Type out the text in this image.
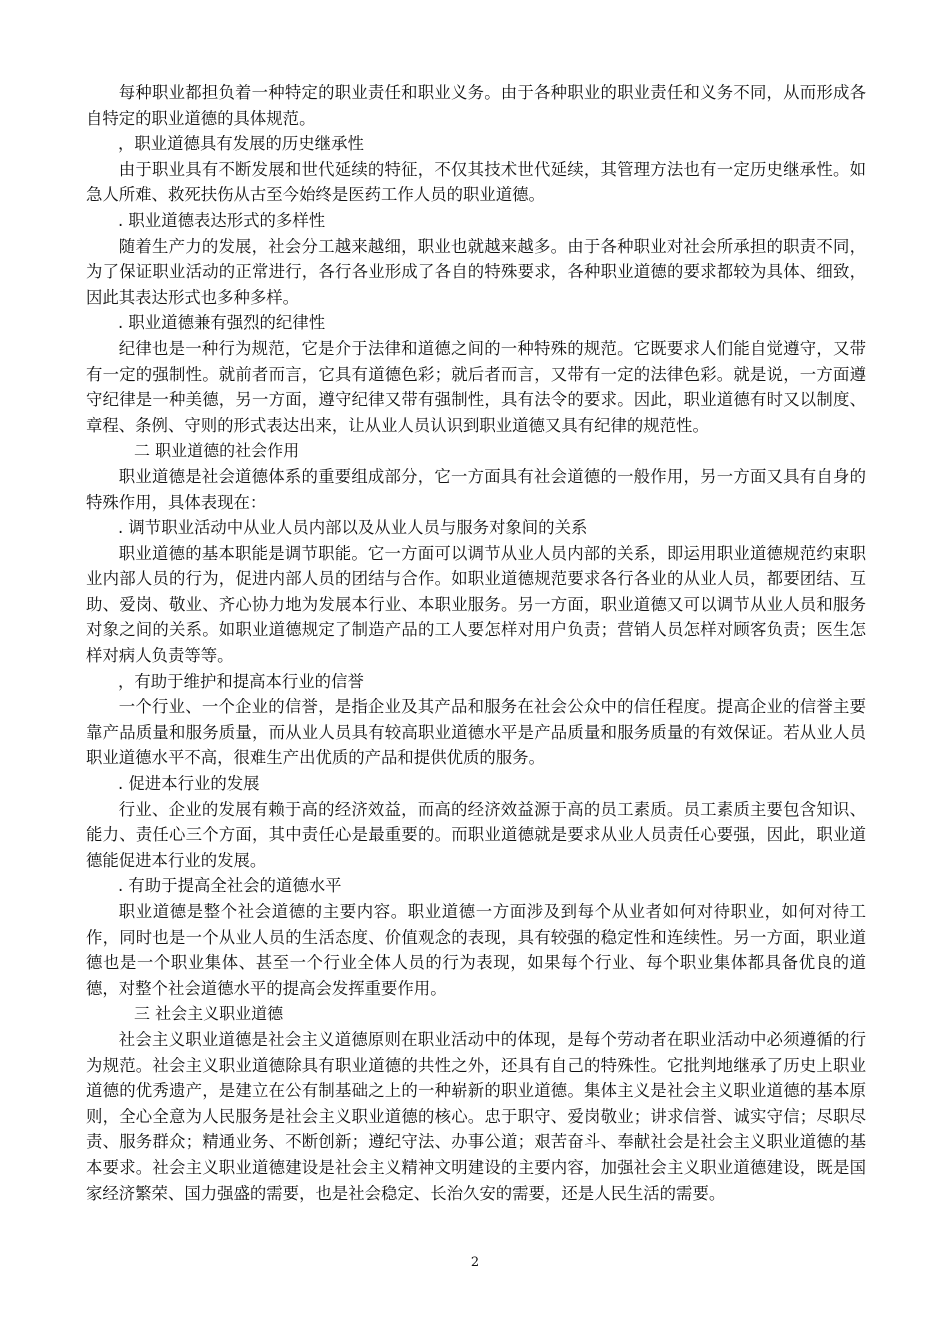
每种职业都担负着一种特定的职业责任和职业义务。由于各种职业的职业责任和义务不同，从而形成各自特定的职业道德的具体规范。

，职业道德具有发展的历史继承性

由于职业具有不断发展和世代延续的特征，不仅其技术世代延续，其管理方法也有一定历史继承性。如急人所难、救死扶伤从古至今始终是医药工作人员的职业道德。

. 职业道德表达形式的多样性

随着生产力的发展，社会分工越来越细，职业也就越来越多。由于各种职业对社会所承担的职责不同，为了保证职业活动的正常进行，各行各业形成了各自的特殊要求，各种职业道德的要求都较为具体、细致，因此其表达形式也多种多样。

. 职业道德兼有强烈的纪律性

纪律也是一种行为规范，它是介于法律和道德之间的一种特殊的规范。它既要求人们能自觉遵守，又带有一定的强制性。就前者而言，它具有道德色彩；就后者而言，又带有一定的法律色彩。就是说，一方面遵守纪律是一种美德，另一方面，遵守纪律又带有强制性，具有法令的要求。因此，职业道德有时又以制度、章程、条例、守则的形式表达出来，让从业人员认识到职业道德又具有纪律的规范性。

二 职业道德的社会作用

职业道德是社会道德体系的重要组成部分，它一方面具有社会道德的一般作用，另一方面又具有自身的特殊作用，具体表现在：

. 调节职业活动中从业人员内部以及从业人员与服务对象间的关系

职业道德的基本职能是调节职能。它一方面可以调节从业人员内部的关系，即运用职业道德规范约束职业内部人员的行为，促进内部人员的团结与合作。如职业道德规范要求各行各业的从业人员，都要团结、互助、爱岗、敬业、齐心协力地为发展本行业、本职业服务。另一方面，职业道德又可以调节从业人员和服务对象之间的关系。如职业道德规定了制造产品的工人要怎样对用户负责；营销人员怎样对顾客负责；医生怎样对病人负责等等。

，有助于维护和提高本行业的信誉

一个行业、一个企业的信誉，是指企业及其产品和服务在社会公众中的信任程度。提高企业的信誉主要靠产品质量和服务质量，而从业人员具有较高职业道德水平是产品质量和服务质量的有效保证。若从业人员职业道德水平不高，很难生产出优质的产品和提供优质的服务。

. 促进本行业的发展

行业、企业的发展有赖于高的经济效益，而高的经济效益源于高的员工素质。员工素质主要包含知识、能力、责任心三个方面，其中责任心是最重要的。而职业道德就是要求从业人员责任心要强，因此，职业道德能促进本行业的发展。

. 有助于提高全社会的道德水平

职业道德是整个社会道德的主要内容。职业道德一方面涉及到每个从业者如何对待职业，如何对待工作，同时也是一个从业人员的生活态度、价值观念的表现，具有较强的稳定性和连续性。另一方面，职业道德也是一个职业集体、甚至一个行业全体人员的行为表现，如果每个行业、每个职业集体都具备优良的道德，对整个社会道德水平的提高会发挥重要作用。

三 社会主义职业道德

社会主义职业道德是社会主义道德原则在职业活动中的体现，是每个劳动者在职业活动中必须遵循的行为规范。社会主义职业道德除具有职业道德的共性之外，还具有自己的特殊性。它批判地继承了历史上职业道德的优秀遗产，是建立在公有制基础之上的一种崭新的职业道德。集体主义是社会主义职业道德的基本原则，全心全意为人民服务是社会主义职业道德的核心。忠于职守、爱岗敬业；讲求信誉、诚实守信；尽职尽责、服务群众；精通业务、不断创新；遵纪守法、办事公道；艰苦奋斗、奉献社会是社会主义职业道德的基本要求。社会主义职业道德建设是社会主义精神文明建设的主要内容，加强社会主义职业道德建设，既是国家经济繁荣、国力强盛的需要，也是社会稳定、长治久安的需要，还是人民生活的需要。

2
